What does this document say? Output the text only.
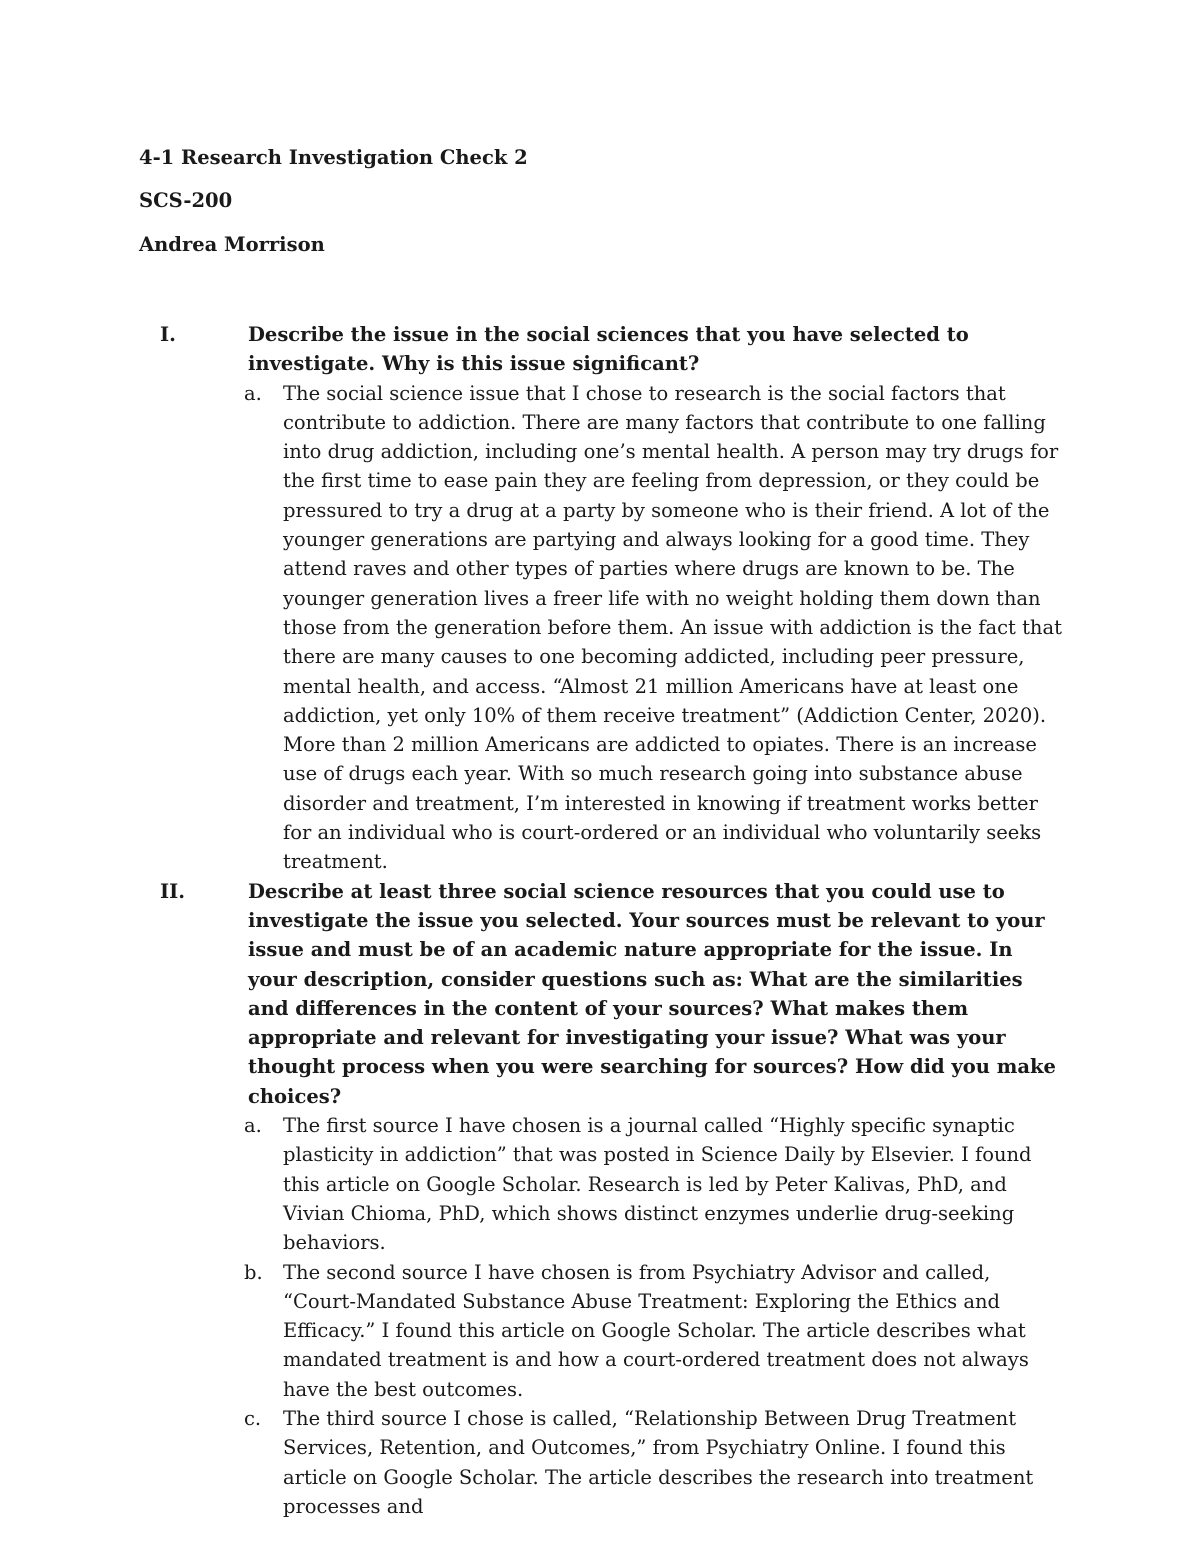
4-1 Research Investigation Check 2
SCS-200
Andrea Morrison
I.	Describe the issue in the social sciences that you have selected to investigate. Why is this issue significant?
a. The social science issue that I chose to research is the social factors that contribute to addiction. There are many factors that contribute to one falling into drug addiction, including one’s mental health. A person may try drugs for the first time to ease pain they are feeling from depression, or they could be pressured to try a drug at a party by someone who is their friend. A lot of the younger generations are partying and always looking for a good time. They attend raves and other types of parties where drugs are known to be. The younger generation lives a freer life with no weight holding them down than those from the generation before them. An issue with addiction is the fact that there are many causes to one becoming addicted, including peer pressure, mental health, and access. “Almost 21 million Americans have at least one addiction, yet only 10% of them receive treatment” (Addiction Center, 2020). More than 2 million Americans are addicted to opiates. There is an increase use of drugs each year. With so much research going into substance abuse disorder and treatment, I’m interested in knowing if treatment works better for an individual who is court-ordered or an individual who voluntarily seeks treatment.
II.	Describe at least three social science resources that you could use to investigate the issue you selected. Your sources must be relevant to your issue and must be of an academic nature appropriate for the issue. In your description, consider questions such as: What are the similarities and differences in the content of your sources? What makes them appropriate and relevant for investigating your issue? What was your thought process when you were searching for sources? How did you make choices?
a. The first source I have chosen is a journal called “Highly specific synaptic plasticity in addiction” that was posted in Science Daily by Elsevier. I found this article on Google Scholar. Research is led by Peter Kalivas, PhD, and Vivian Chioma, PhD, which shows distinct enzymes underlie drug-seeking behaviors.
b. The second source I have chosen is from Psychiatry Advisor and called, “Court-Mandated Substance Abuse Treatment: Exploring the Ethics and Efficacy.” I found this article on Google Scholar. The article describes what mandated treatment is and how a court-ordered treatment does not always have the best outcomes.
c. The third source I chose is called, “Relationship Between Drug Treatment Services, Retention, and Outcomes,” from Psychiatry Online. I found this article on Google Scholar. The article describes the research into treatment processes and
